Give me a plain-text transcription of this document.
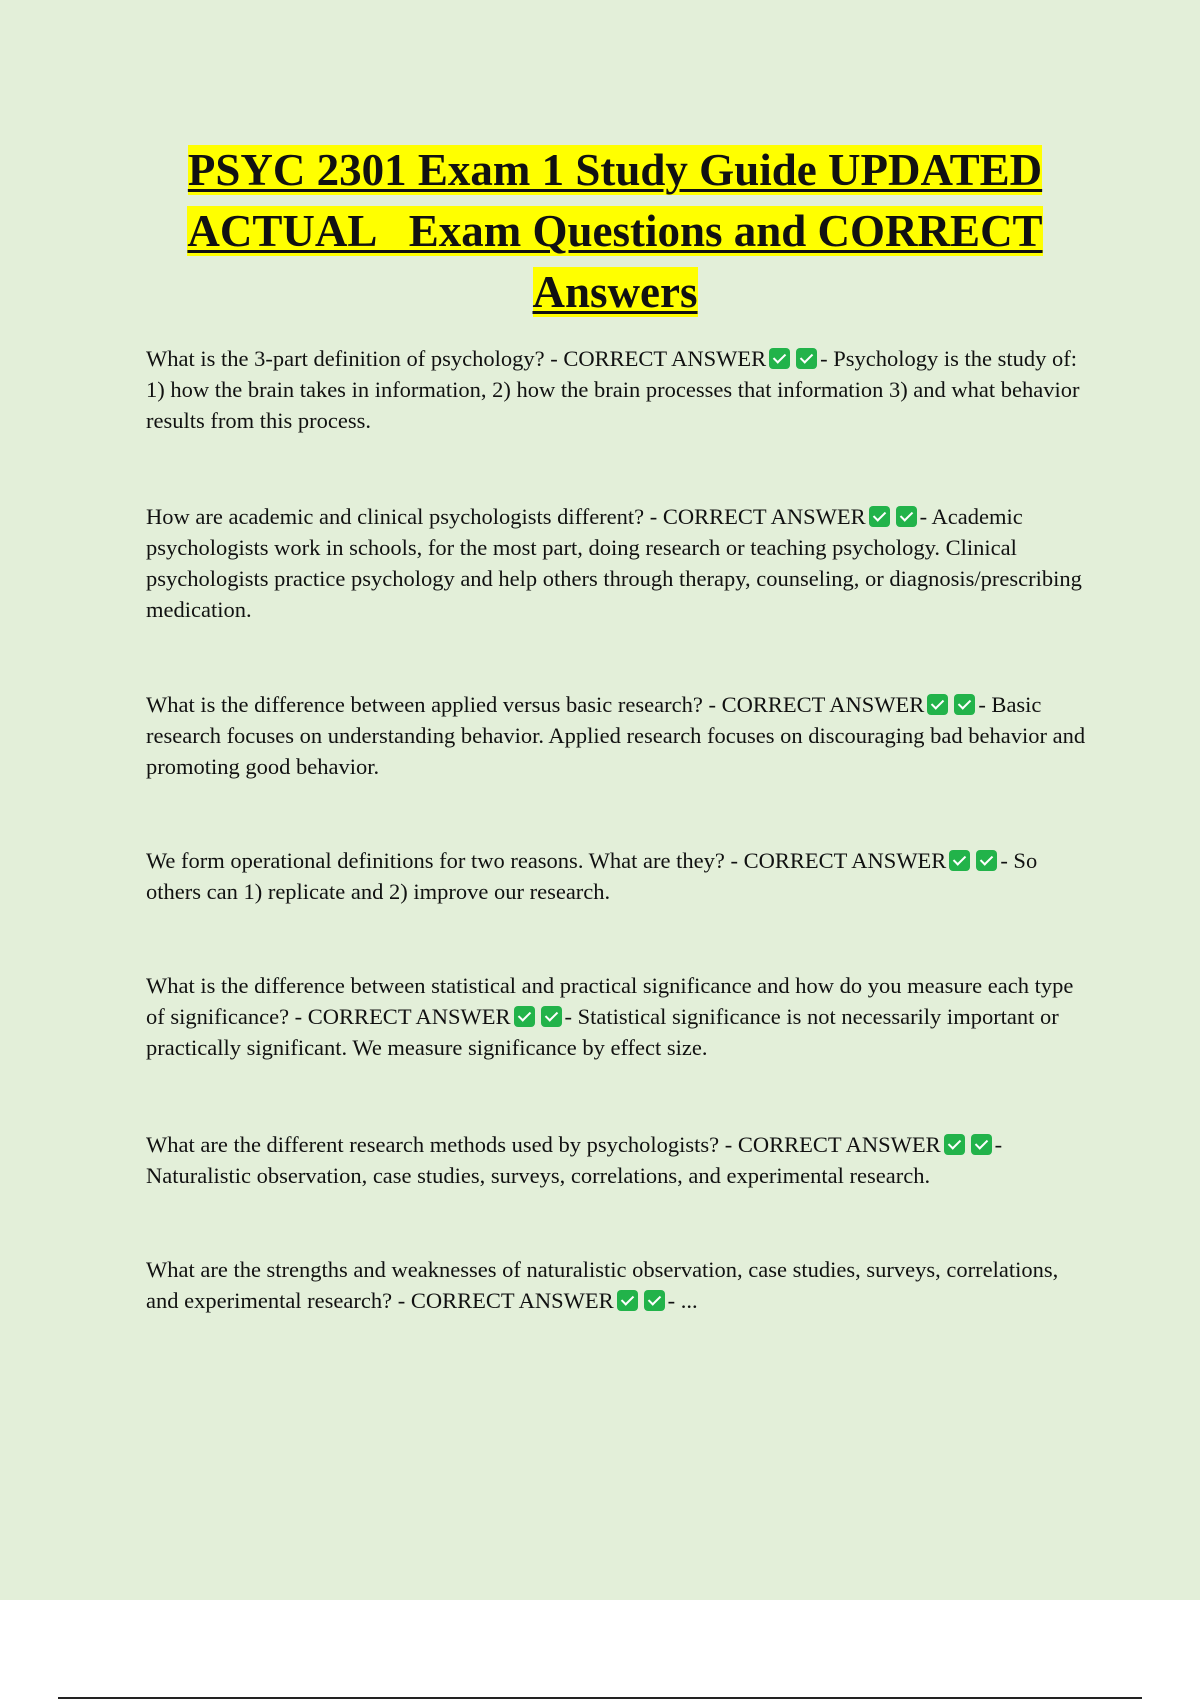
PSYC 2301 Exam 1 Study Guide UPDATED
ACTUAL   Exam Questions and CORRECT
Answers

What is the 3-part definition of psychology? - CORRECT ANSWER - Psychology is the study of: 1) how the brain takes in information, 2) how the brain processes that information 3) and what behavior results from this process.

How are academic and clinical psychologists different? - CORRECT ANSWER - Academic psychologists work in schools, for the most part, doing research or teaching psychology. Clinical psychologists practice psychology and help others through therapy, counseling, or diagnosis/prescribing medication.

What is the difference between applied versus basic research? - CORRECT ANSWER - Basic research focuses on understanding behavior. Applied research focuses on discouraging bad behavior and promoting good behavior.

We form operational definitions for two reasons. What are they? - CORRECT ANSWER - So others can 1) replicate and 2) improve our research.

What is the difference between statistical and practical significance and how do you measure each type of significance? - CORRECT ANSWER - Statistical significance is not necessarily important or practically significant. We measure significance by effect size.

What are the different research methods used by psychologists? - CORRECT ANSWER - Naturalistic observation, case studies, surveys, correlations, and experimental research.

What are the strengths and weaknesses of naturalistic observation, case studies, surveys, correlations, and experimental research? - CORRECT ANSWER - ...
